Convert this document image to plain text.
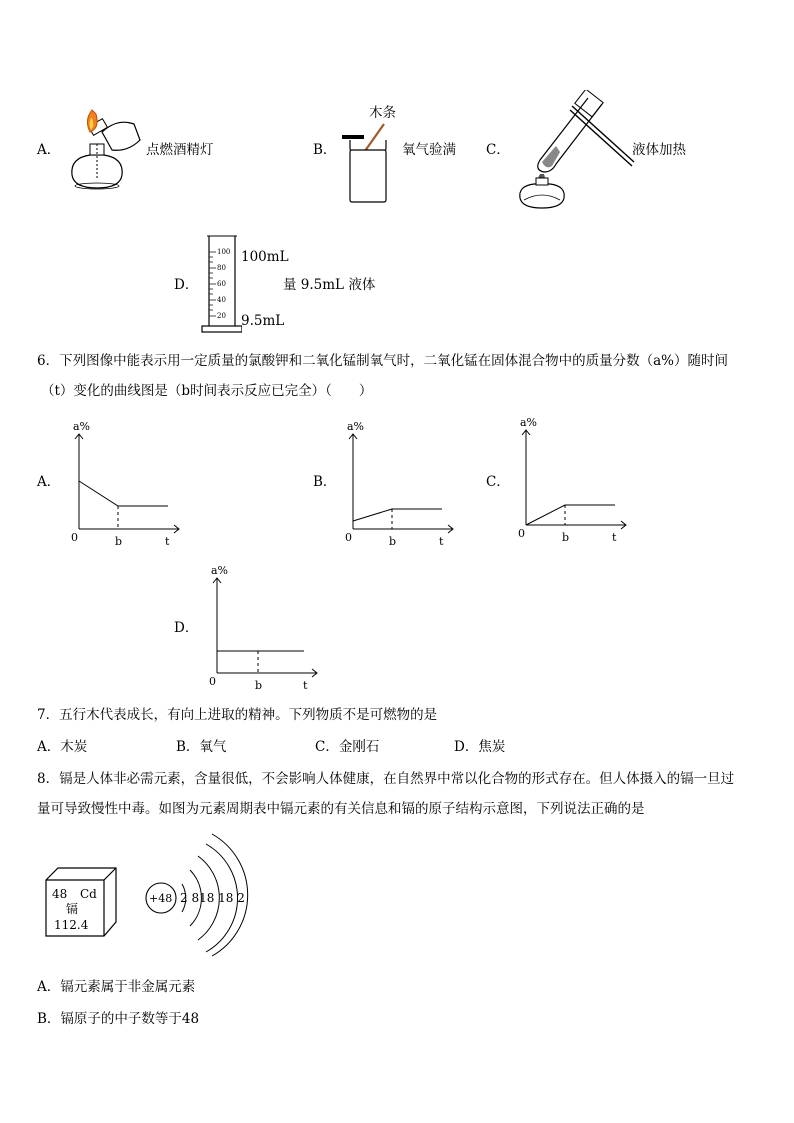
A．	点燃酒精灯	B．
木条
氧气验满 C．	液体加热
D．
100
80
60
40
20
100mL
量 9.5mL 液体
9.5mL
6．下列图像中能表示用一定质量的氯酸钾和二氧化锰制氧气时，二氧化锰在固体混合物中的质量分数（a%）随时间
（t）变化的曲线图是（b时间表示反应已完全）（　　）
A．
a%
0	b	t
B．
a%
0	b	t
C．
a%
0	b	t
D．
a%
0	b	t
7．五行木代表成长，有向上进取的精神。下列物质不是可燃物的是
A．木炭	B．氧气	C．金刚石	D．焦炭
8．镉是人体非必需元素，含量很低，不会影响人体健康，在自然界中常以化合物的形式存在。但人体摄入的镉一旦过
量可导致慢性中毒。如图为元素周期表中镉元素的有关信息和镉的原子结构示意图，下列说法正确的是
48 Cd
镉
112.4
+48 2 818 18 2
A．镉元素属于非金属元素
B．镉原子的中子数等于48
